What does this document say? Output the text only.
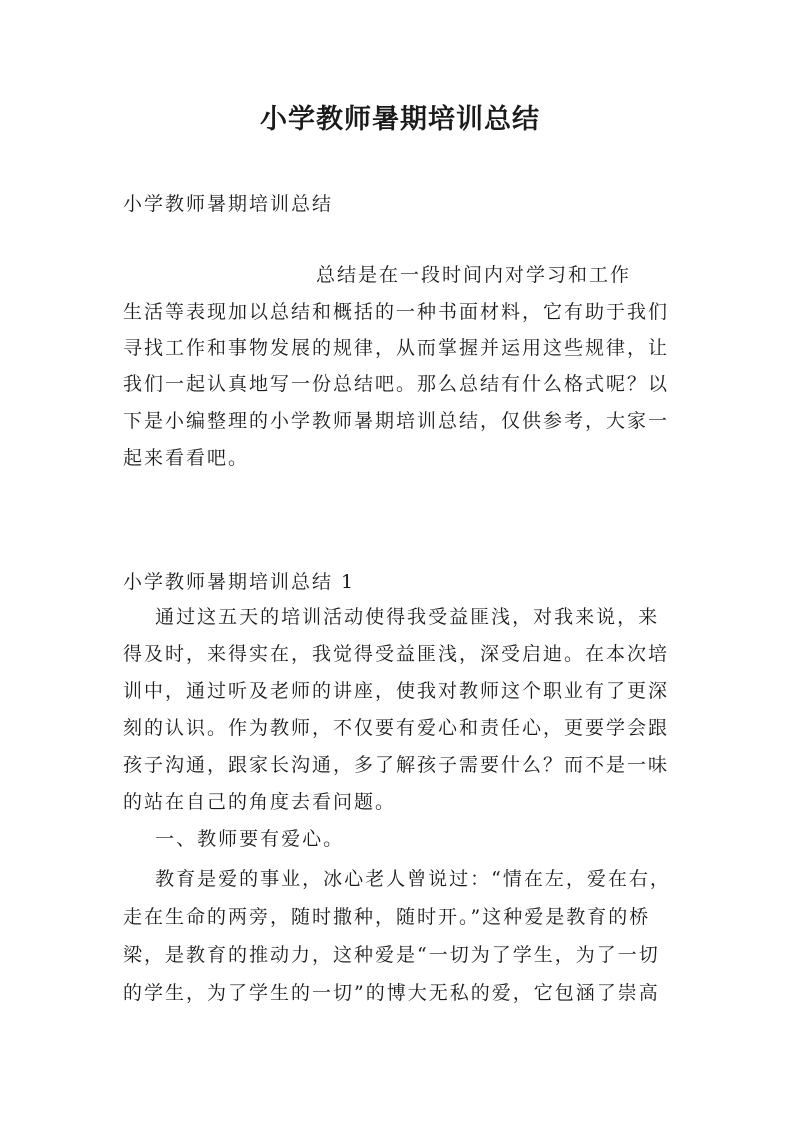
小学教师暑期培训总结
小学教师暑期培训总结
总结是在一段时间内对学习和工作
生活等表现加以总结和概括的一种书面材料，它有助于我们
寻找工作和事物发展的规律，从而掌握并运用这些规律，让
我们一起认真地写一份总结吧。那么总结有什么格式呢？以
下是小编整理的小学教师暑期培训总结，仅供参考，大家一
起来看看吧。
小学教师暑期培训总结 1
通过这五天的培训活动使得我受益匪浅，对我来说，来
得及时，来得实在，我觉得受益匪浅，深受启迪。在本次培
训中，通过听及老师的讲座，使我对教师这个职业有了更深
刻的认识。作为教师，不仅要有爱心和责任心，更要学会跟
孩子沟通，跟家长沟通，多了解孩子需要什么？而不是一味
的站在自己的角度去看问题。
一、教师要有爱心。
教育是爱的事业，冰心老人曾说过：“情在左，爱在右，
走在生命的两旁，随时撒种，随时开。”这种爱是教育的桥
梁，是教育的推动力，这种爱是“一切为了学生，为了一切
的学生，为了学生的一切”的博大无私的爱，它包涵了崇高
